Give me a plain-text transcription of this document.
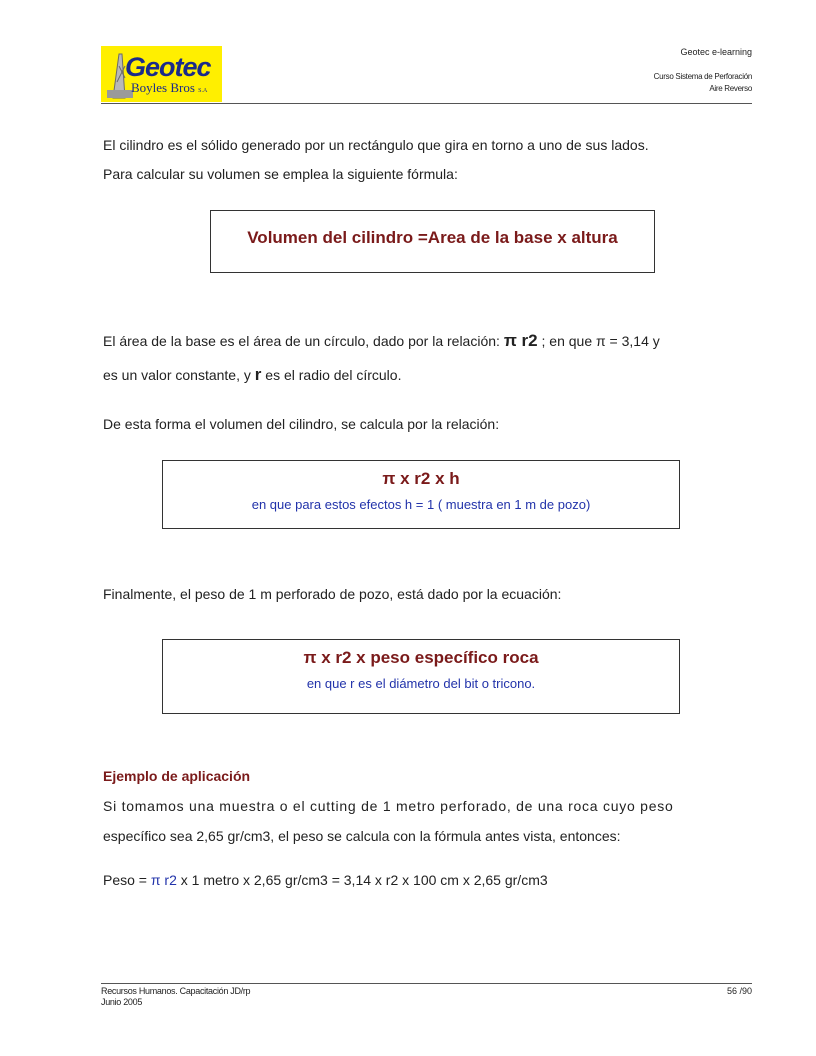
Geotec
Boyles Bros S.A
Geotec e-learning
Curso Sistema de Perforación
Aire Reverso
El cilindro es el sólido generado por un rectángulo que gira en torno a uno de sus lados.
Para calcular su volumen se emplea la siguiente fórmula:
Volumen del cilindro =Area de la base x altura
El área de la base es el área de un círculo, dado por la relación: π r2 ; en que π = 3,14 y
es un valor constante, y r es el radio del círculo.
De esta forma el volumen del cilindro, se calcula por la relación:
π x r2 x h
en que para estos efectos h = 1 ( muestra en 1 m de pozo)
Finalmente, el peso de 1 m perforado de pozo, está dado por la ecuación:
π x r2 x peso específico roca
en que r es el diámetro del bit o tricono.
Ejemplo de aplicación
Si tomamos una muestra o el cutting de 1 metro perforado, de una roca cuyo peso
específico sea 2,65 gr/cm3, el peso se calcula con la fórmula antes vista, entonces:
Peso = π r2 x 1 metro x 2,65 gr/cm3 = 3,14 x r2 x 100 cm x 2,65 gr/cm3
Recursos Humanos. Capacitación JD/rp
Junio 2005
56 /90
